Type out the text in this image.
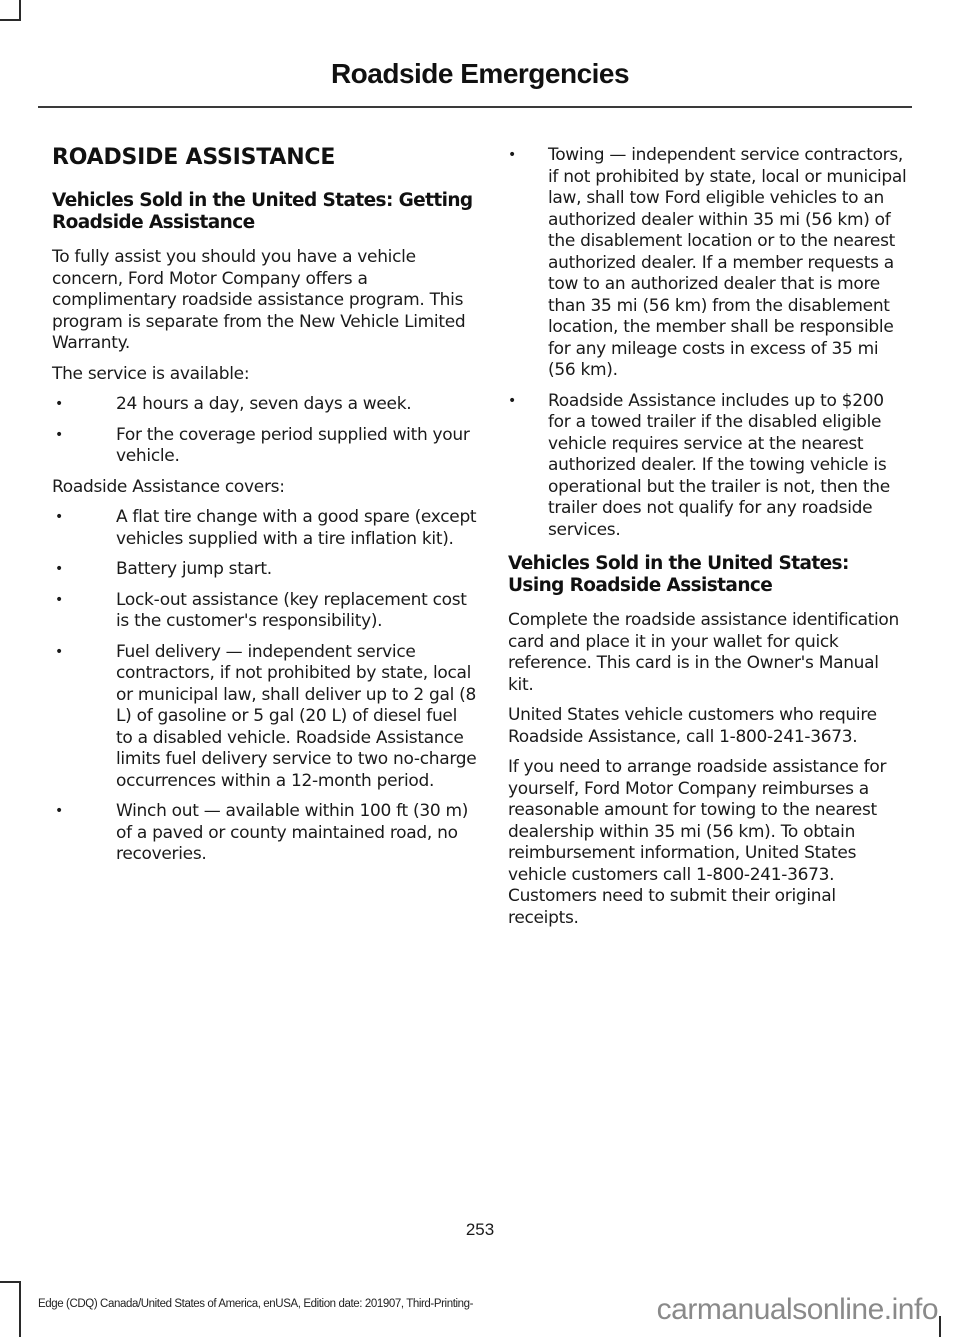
Roadside Emergencies
ROADSIDE ASSISTANCE
Vehicles Sold in the United States: Getting Roadside Assistance
To fully assist you should you have a vehicle concern, Ford Motor Company offers a complimentary roadside assistance program. This program is separate from the New Vehicle Limited Warranty.
The service is available:
•	24 hours a day, seven days a week.
•	For the coverage period supplied with your vehicle.
Roadside Assistance covers:
•	A flat tire change with a good spare (except vehicles supplied with a tire inflation kit).
•	Battery jump start.
•	Lock-out assistance (key replacement cost is the customer's responsibility).
•	Fuel delivery — independent service contractors, if not prohibited by state, local or municipal law, shall deliver up to 2 gal (8 L) of gasoline or 5 gal (20 L) of diesel fuel to a disabled vehicle. Roadside Assistance limits fuel delivery service to two no-charge occurrences within a 12-month period.
•	Winch out — available within 100 ft (30 m) of a paved or county maintained road, no recoveries.
• Towing — independent service contractors, if not prohibited by state, local or municipal law, shall tow Ford eligible vehicles to an authorized dealer within 35 mi (56 km) of the disablement location or to the nearest authorized dealer. If a member requests a tow to an authorized dealer that is more than 35 mi (56 km) from the disablement location, the member shall be responsible for any mileage costs in excess of 35 mi (56 km).
• Roadside Assistance includes up to $200 for a towed trailer if the disabled eligible vehicle requires service at the nearest authorized dealer. If the towing vehicle is operational but the trailer is not, then the trailer does not qualify for any roadside services.
Vehicles Sold in the United States: Using Roadside Assistance
Complete the roadside assistance identification card and place it in your wallet for quick reference. This card is in the Owner's Manual kit.
United States vehicle customers who require Roadside Assistance, call 1-800-241-3673.
If you need to arrange roadside assistance for yourself, Ford Motor Company reimburses a reasonable amount for towing to the nearest dealership within 35 mi (56 km). To obtain reimbursement information, United States vehicle customers call 1-800-241-3673. Customers need to submit their original receipts.
253
Edge (CDQ) Canada/United States of America, enUSA, Edition date: 201907, Third-Printing-	carmanualsonline.info
